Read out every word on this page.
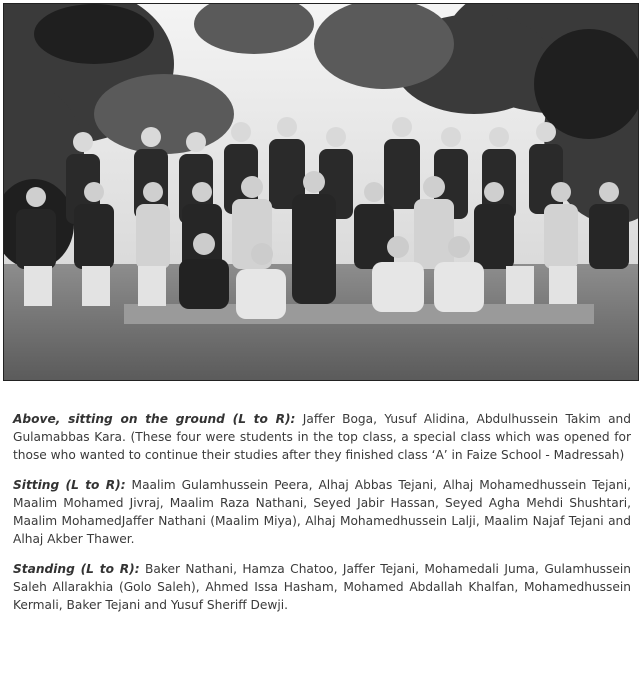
Above, sitting on the ground (L to R): Jaffer Boga, Yusuf Alidina, Abdulhussein Takim and Gulamabbas Kara. (These four were students in the top class, a special class which was opened for those who wanted to continue their studies after they finished class ‘A’ in Faize School - Madressah)

Sitting (L to R): Maalim Gulamhussein Peera, Alhaj Abbas Tejani, Alhaj Mohamedhussein Tejani, Maalim Mohamed Jivraj, Maalim Raza Nathani, Seyed Jabir Hassan, Seyed Agha Mehdi Shushtari, Maalim MohamedJaffer Nathani (Maalim Miya), Alhaj Mohamedhussein Lalji, Maalim Najaf Tejani and Alhaj Akber Thawer.

Standing (L to R): Baker Nathani, Hamza Chatoo, Jaffer Tejani, Mohamedali Juma, Gulamhussein Saleh Allarakhia (Golo Saleh), Ahmed Issa Hasham, Mohamed Abdallah Khalfan, Mohamedhussein Kermali, Baker Tejani and Yusuf Sheriff Dewji.
